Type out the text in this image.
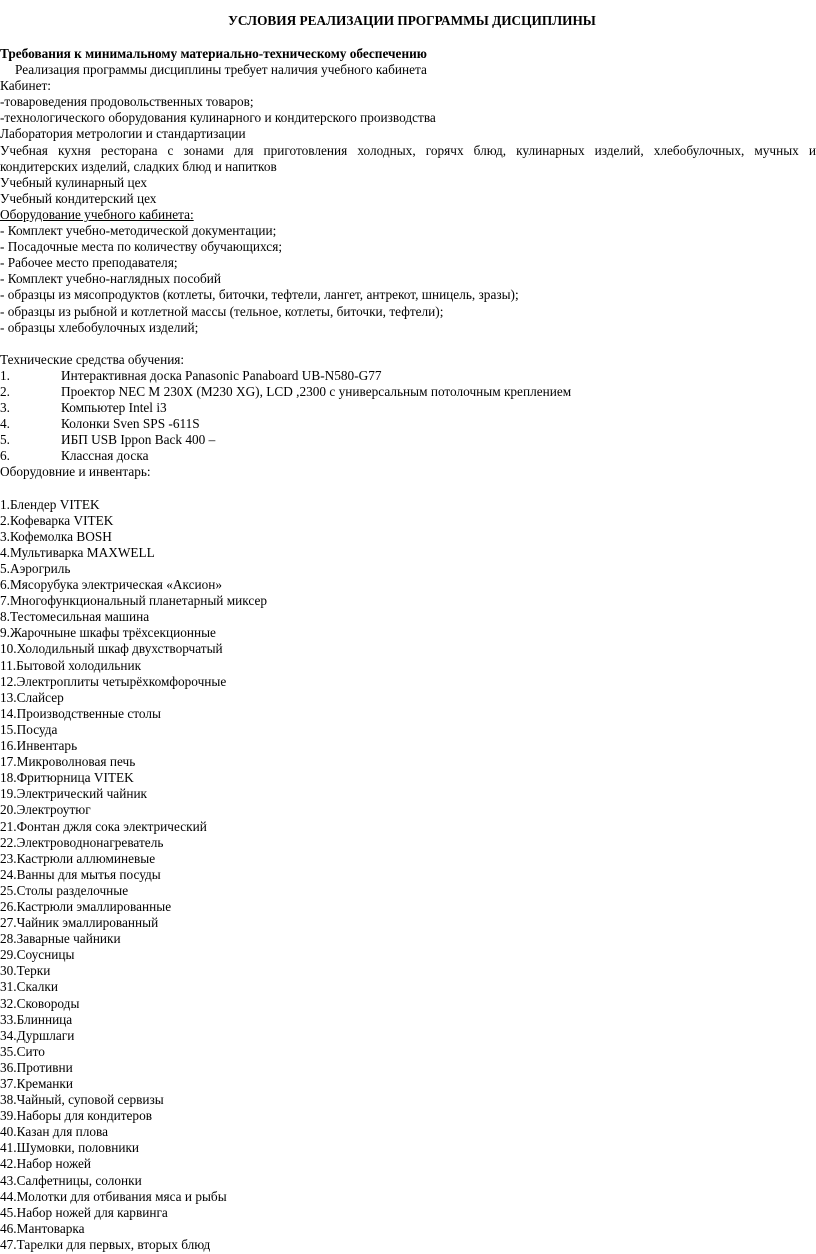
УСЛОВИЯ РЕАЛИЗАЦИИ ПРОГРАММЫ ДИСЦИПЛИНЫ
Требования к минимальному материально-техническому обеспечению
Реализация программы дисциплины требует наличия учебного кабинета
Кабинет:
-товароведения продовольственных товаров;
-технологического оборудования кулинарного и кондитерского производства
Лаборатория метрологии и стандартизации
Учебная кухня ресторана с зонами для приготовления холодных, горячх блюд, кулинарных изделий, хлебобулочных, мучных и
кондитерских изделий, сладких блюд и напитков
Учебный кулинарный цех
Учебный кондитерский цех
Оборудование учебного кабинета:
- Комплект учебно-методической документации;
- Посадочные места по количеству обучающихся;
- Рабочее место преподавателя;
- Комплект учебно-наглядных пособий
- образцы из мясопродуктов (котлеты, биточки, тефтели, лангет, антрекот, шницель, зразы);
- образцы из рыбной и котлетной массы (тельное, котлеты, биточки, тефтели);
- образцы хлебобулочных изделий;
Технические средства обучения:
1.	Интерактивная доска Panasonic Panaboard UB-N580-G77
2.	Проектор NEC M 230X (M230 XG), LCD ,2300 с универсальным потолочным креплением
3.	Компьютер Intel i3
4.	Колонки Sven SPS -611S
5.	ИБП USB Ippon Back 400 –
6.	Классная доска
Оборудовние и инвентарь:
1.Блендер VITEK
2.Кофеварка VITEK
3.Кофемолка BOSH
4.Мультиварка MAXWELL
5.Аэрогриль
6.Мясорубука электрическая «Аксион»
7.Многофункциональный планетарный миксер
8.Тестомесильная машина
9.Жарочныне шкафы трёхсекционные
10.Холодильный шкаф двухстворчатый
11.Бытовой холодильник
12.Электроплиты четырёхкомфорочные
13.Слайсер
14.Производственные столы
15.Посуда
16.Инвентарь
17.Микроволновая печь
18.Фритюрница VITEK
19.Электрический чайник
20.Электроутюг
21.Фонтан джля сока электрический
22.Электроводнонагреватель
23.Кастрюли аллюминевые
24.Ванны для мытья посуды
25.Столы разделочные
26.Кастрюли эмаллированные
27.Чайник эмаллированный
28.Заварные чайники
29.Соусницы
30.Терки
31.Скалки
32.Сковороды
33.Блинница
34.Дуршлаги
35.Сито
36.Противни
37.Креманки
38.Чайный, суповой сервизы
39.Наборы для кондитеров
40.Казан для плова
41.Шумовки, половники
42.Набор ножей
43.Салфетницы, солонки
44.Молотки для отбивания мяса и рыбы
45.Набор ножей для карвинга
46.Мантоварка
47.Тарелки для первых, вторых блюд
